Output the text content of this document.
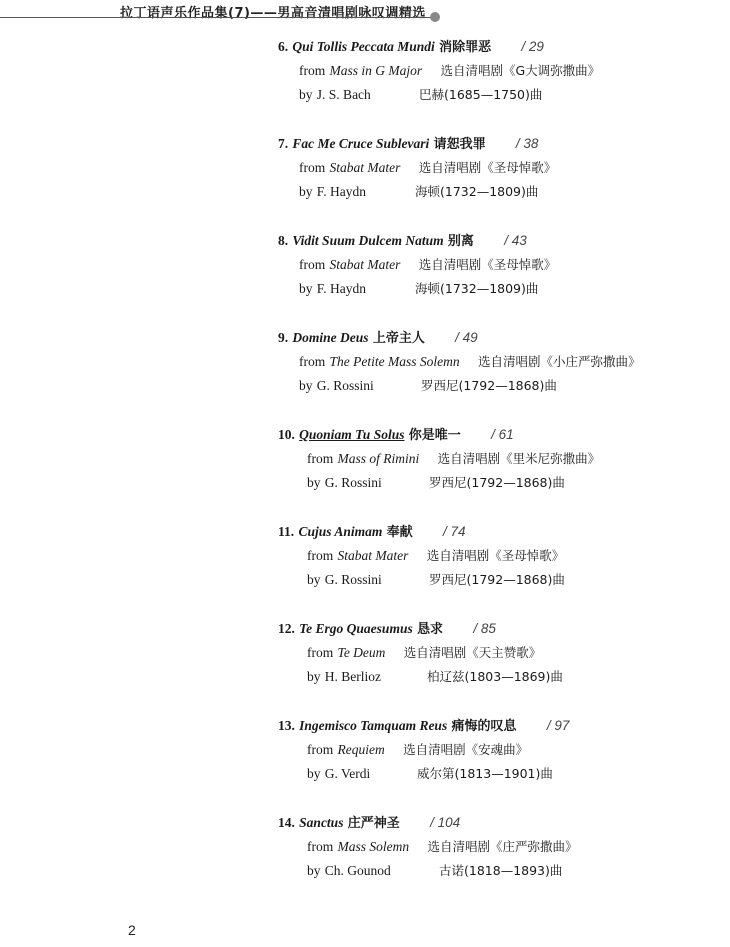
拉丁语声乐作品集(7)——男高音清唱剧咏叹调精选
6. Qui Tollis Peccata Mundi 消除罪恶 / 29
from Mass in G Major 选自清唱剧《G大调弥撒曲》
by J. S. Bach	巴赫(1685—1750)曲
7. Fac Me Cruce Sublevari 请恕我罪 / 38
from Stabat Mater 选自清唱剧《圣母悼歌》
by F. Haydn	海顿(1732—1809)曲
8. Vidit Suum Dulcem Natum 别离 / 43
from Stabat Mater 选自清唱剧《圣母悼歌》
by F. Haydn	海顿(1732—1809)曲
9. Domine Deus 上帝主人 / 49
from The Petite Mass Solemn 选自清唱剧《小庄严弥撒曲》
by G. Rossini	罗西尼(1792—1868)曲
10. Quoniam Tu Solus 你是唯一 / 61
from Mass of Rimini 选自清唱剧《里米尼弥撒曲》
by G. Rossini	罗西尼(1792—1868)曲
11. Cujus Animam 奉献 / 74
from Stabat Mater 选自清唱剧《圣母悼歌》
by G. Rossini	罗西尼(1792—1868)曲
12. Te Ergo Quaesumus 恳求 / 85
from Te Deum 选自清唱剧《天主赞歌》
by H. Berlioz	柏辽兹(1803—1869)曲
13. Ingemisco Tamquam Reus 痛悔的叹息 / 97
from Requiem 选自清唱剧《安魂曲》
by G. Verdi	威尔第(1813—1901)曲
14. Sanctus 庄严神圣 / 104
from Mass Solemn 选自清唱剧《庄严弥撒曲》
by Ch. Gounod	古诺(1818—1893)曲
2
